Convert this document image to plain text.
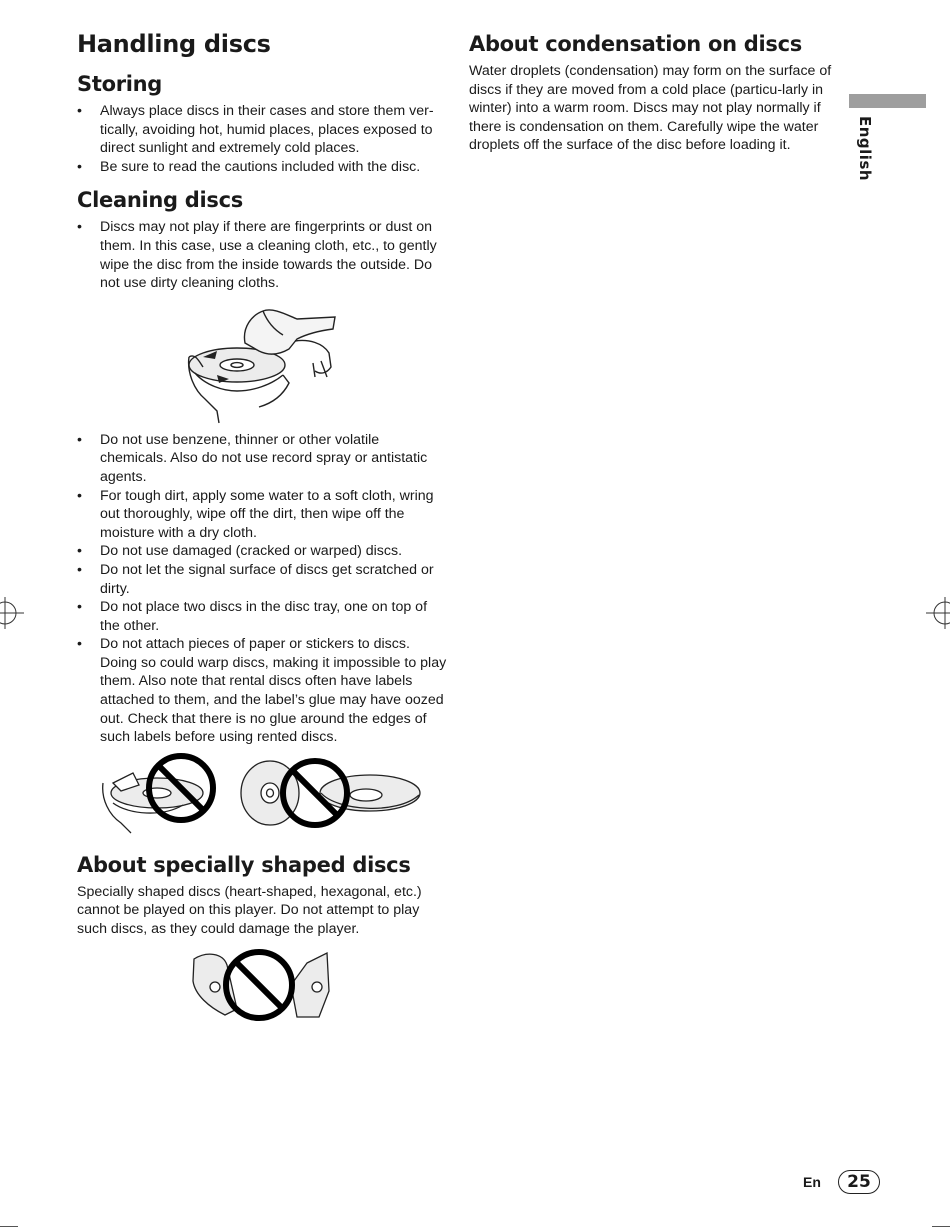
English
Handling discs
Storing
• Always place discs in their cases and store them ver-tically, avoiding hot, humid places, places exposed to direct sunlight and extremely cold places.
• Be sure to read the cautions included with the disc.
Cleaning discs
• Discs may not play if there are fingerprints or dust on them. In this case, use a cleaning cloth, etc., to gently wipe the disc from the inside towards the outside. Do not use dirty cleaning cloths.
• Do not use benzene, thinner or other volatile chemicals. Also do not use record spray or antistatic agents.
• For tough dirt, apply some water to a soft cloth, wring out thoroughly, wipe off the dirt, then wipe off the moisture with a dry cloth.
• Do not use damaged (cracked or warped) discs.
• Do not let the signal surface of discs get scratched or dirty.
• Do not place two discs in the disc tray, one on top of the other.
• Do not attach pieces of paper or stickers to discs. Doing so could warp discs, making it impossible to play them. Also note that rental discs often have labels attached to them, and the label’s glue may have oozed out. Check that there is no glue around the edges of such labels before using rented discs.
About specially shaped discs

Specially shaped discs (heart-shaped, hexagonal, etc.) cannot be played on this player. Do not attempt to play such discs, as they could damage the player.

About condensation on discs

Water droplets (condensation) may form on the surface of discs if they are moved from a cold place (particu-larly in winter) into a warm room. Discs may not play normally if there is condensation on them. Carefully wipe the water droplets off the surface of the disc before loading it.

En	25
